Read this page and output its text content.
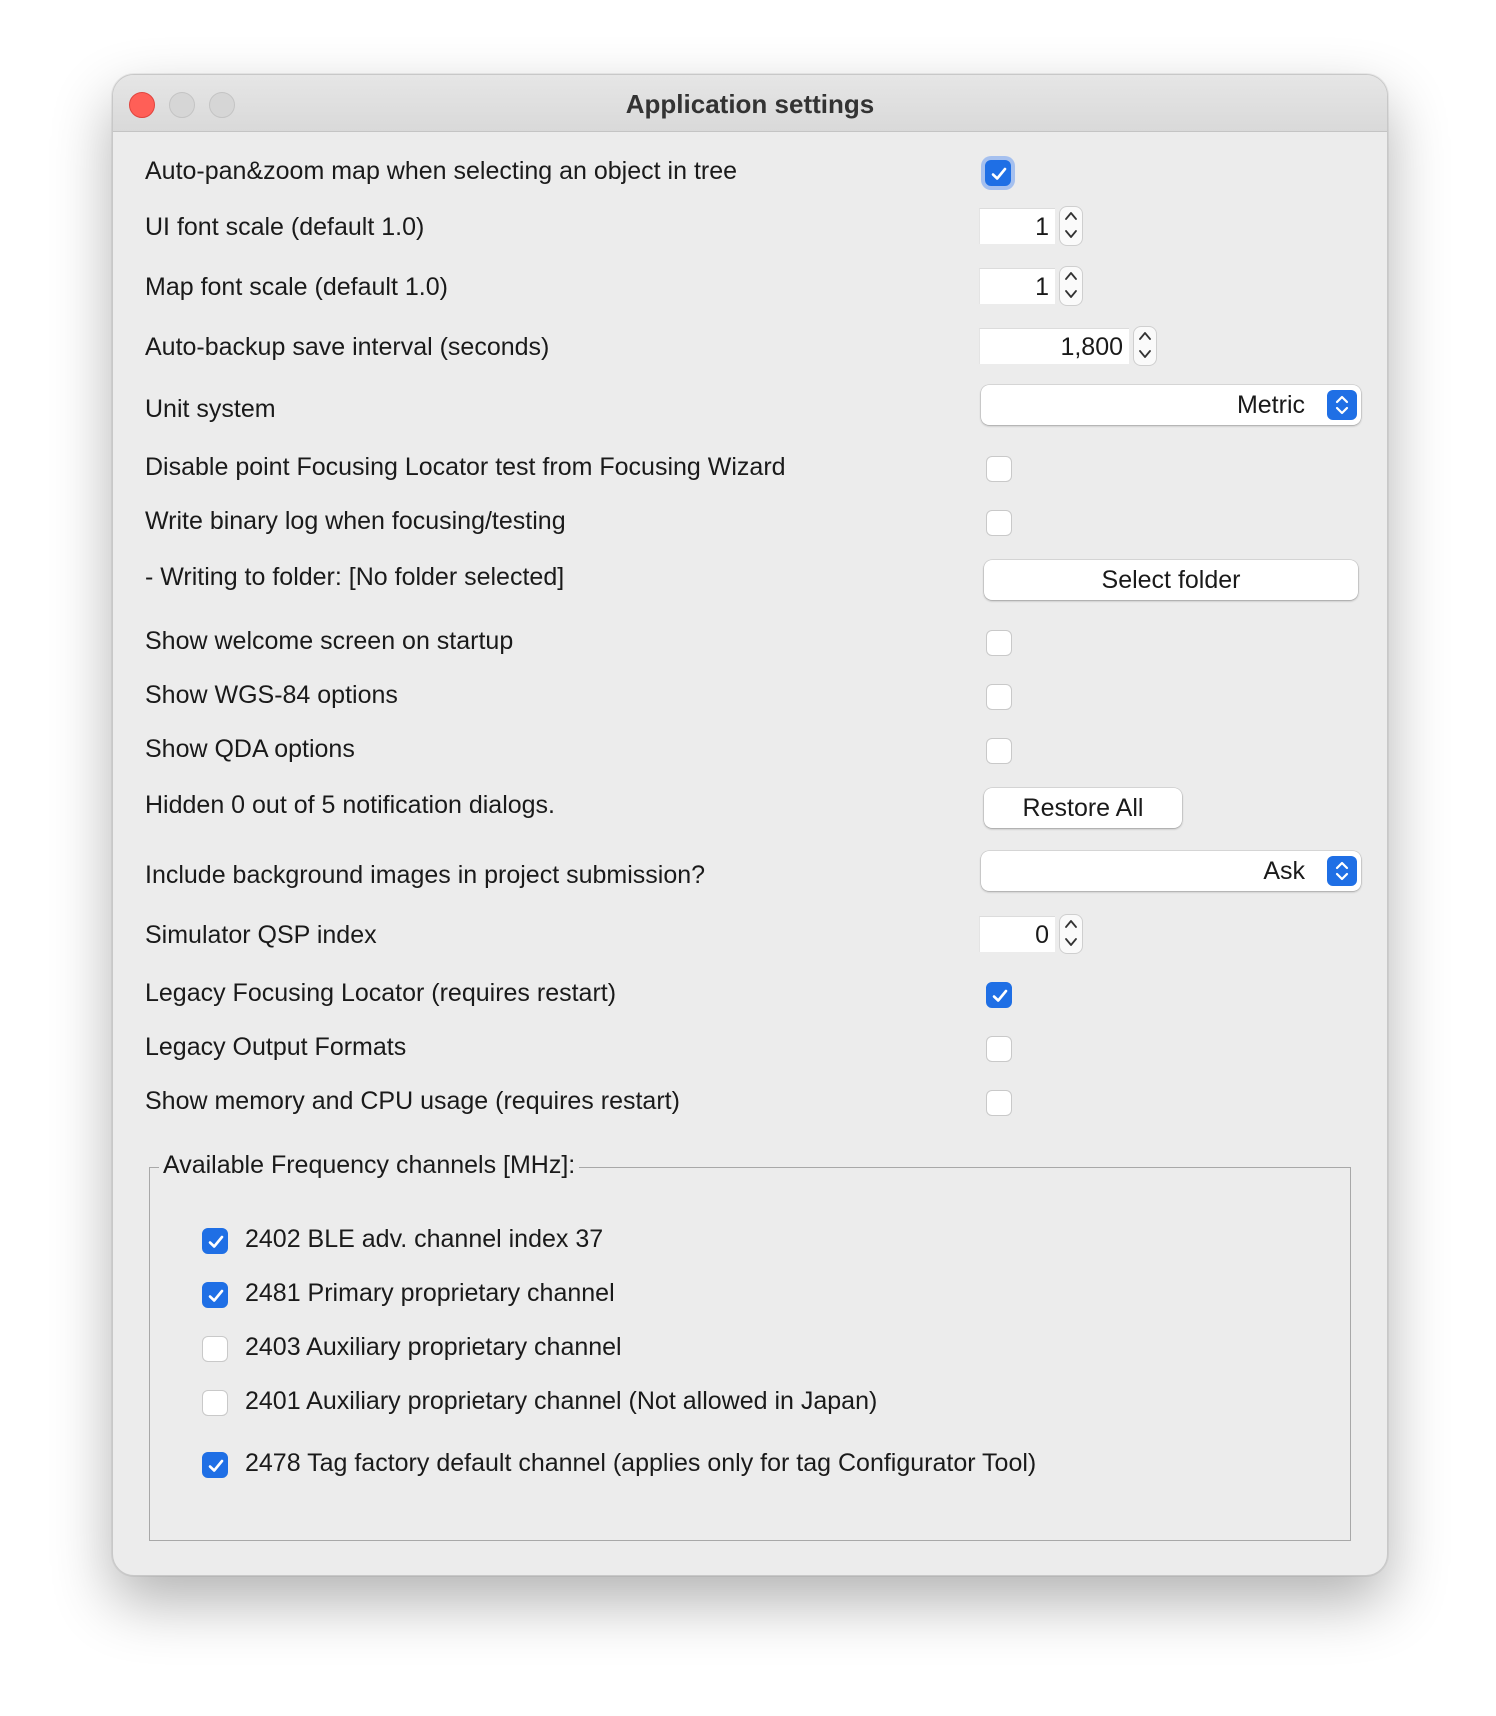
Application settings
Auto-pan&zoom map when selecting an object in tree
UI font scale (default 1.0)	1
Map font scale (default 1.0)	1
Auto-backup save interval (seconds)	1,800
Unit system	Metric
Disable point Focusing Locator test from Focusing Wizard
Write binary log when focusing/testing
- Writing to folder: [No folder selected]	Select folder
Show welcome screen on startup
Show WGS-84 options
Show QDA options
Hidden 0 out of 5 notification dialogs.	Restore All
Include background images in project submission?	Ask
Simulator QSP index	0
Legacy Focusing Locator (requires restart)
Legacy Output Formats
Show memory and CPU usage (requires restart)
Available Frequency channels [MHz]:
2402 BLE adv. channel index 37
2481 Primary proprietary channel
2403 Auxiliary proprietary channel
2401 Auxiliary proprietary channel (Not allowed in Japan)
2478 Tag factory default channel (applies only for tag Configurator Tool)
